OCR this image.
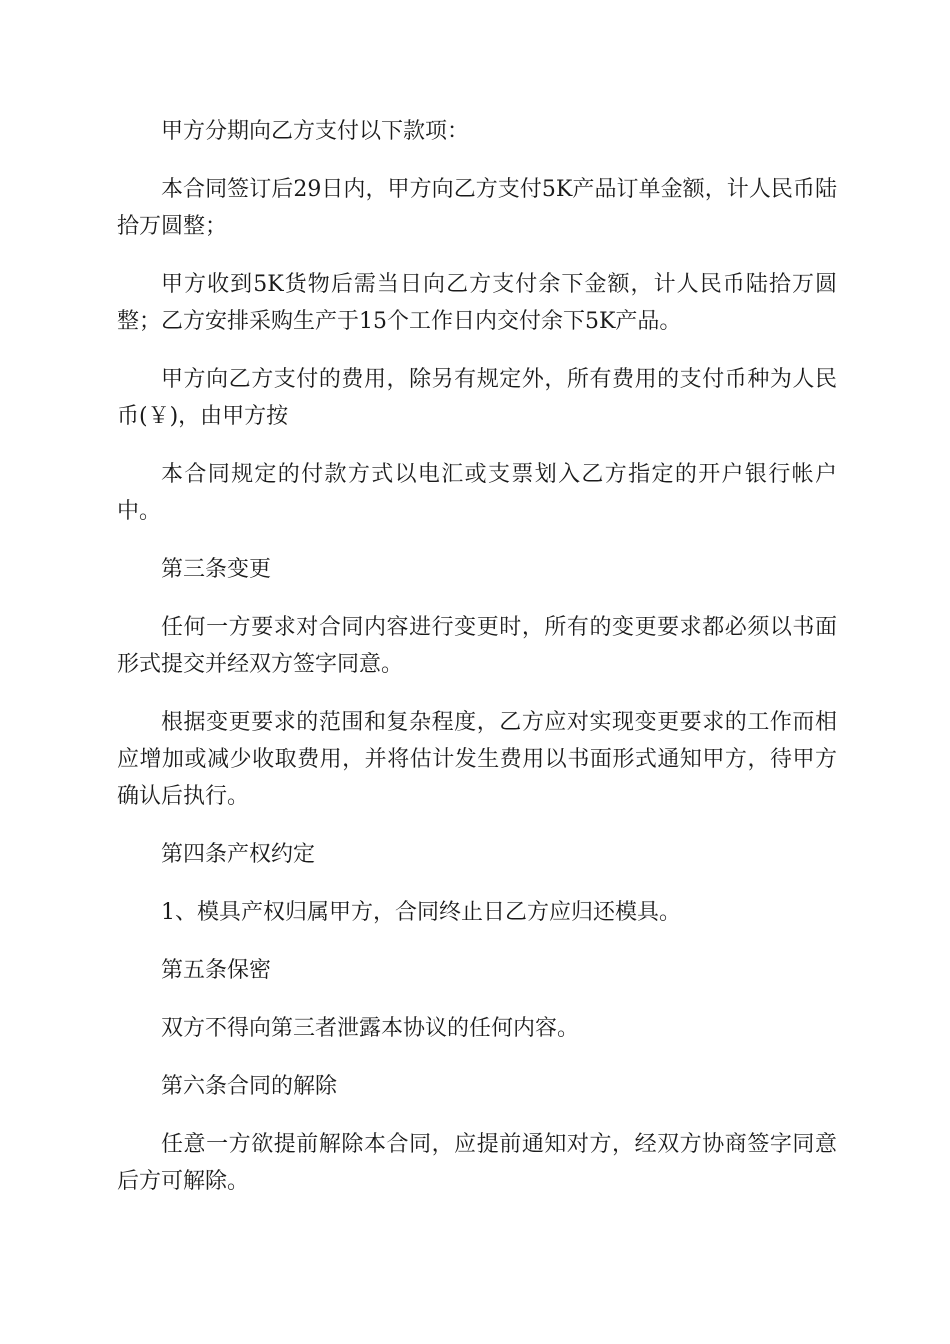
甲方分期向乙方支付以下款项：

本合同签订后29日内，甲方向乙方支付5K产品订单金额，计人民币陆拾万圆整；

甲方收到5K货物后需当日向乙方支付余下金额，计人民币陆拾万圆整；乙方安排采购生产于15个工作日内交付余下5K产品。

甲方向乙方支付的费用，除另有规定外，所有费用的支付币种为人民币(￥)，由甲方按

本合同规定的付款方式以电汇或支票划入乙方指定的开户银行帐户中。

第三条变更

任何一方要求对合同内容进行变更时，所有的变更要求都必须以书面形式提交并经双方签字同意。

根据变更要求的范围和复杂程度，乙方应对实现变更要求的工作而相应增加或减少收取费用，并将估计发生费用以书面形式通知甲方，待甲方确认后执行。

第四条产权约定

1、模具产权归属甲方，合同终止日乙方应归还模具。

第五条保密

双方不得向第三者泄露本协议的任何内容。

第六条合同的解除

任意一方欲提前解除本合同，应提前通知对方，经双方协商签字同意后方可解除。
